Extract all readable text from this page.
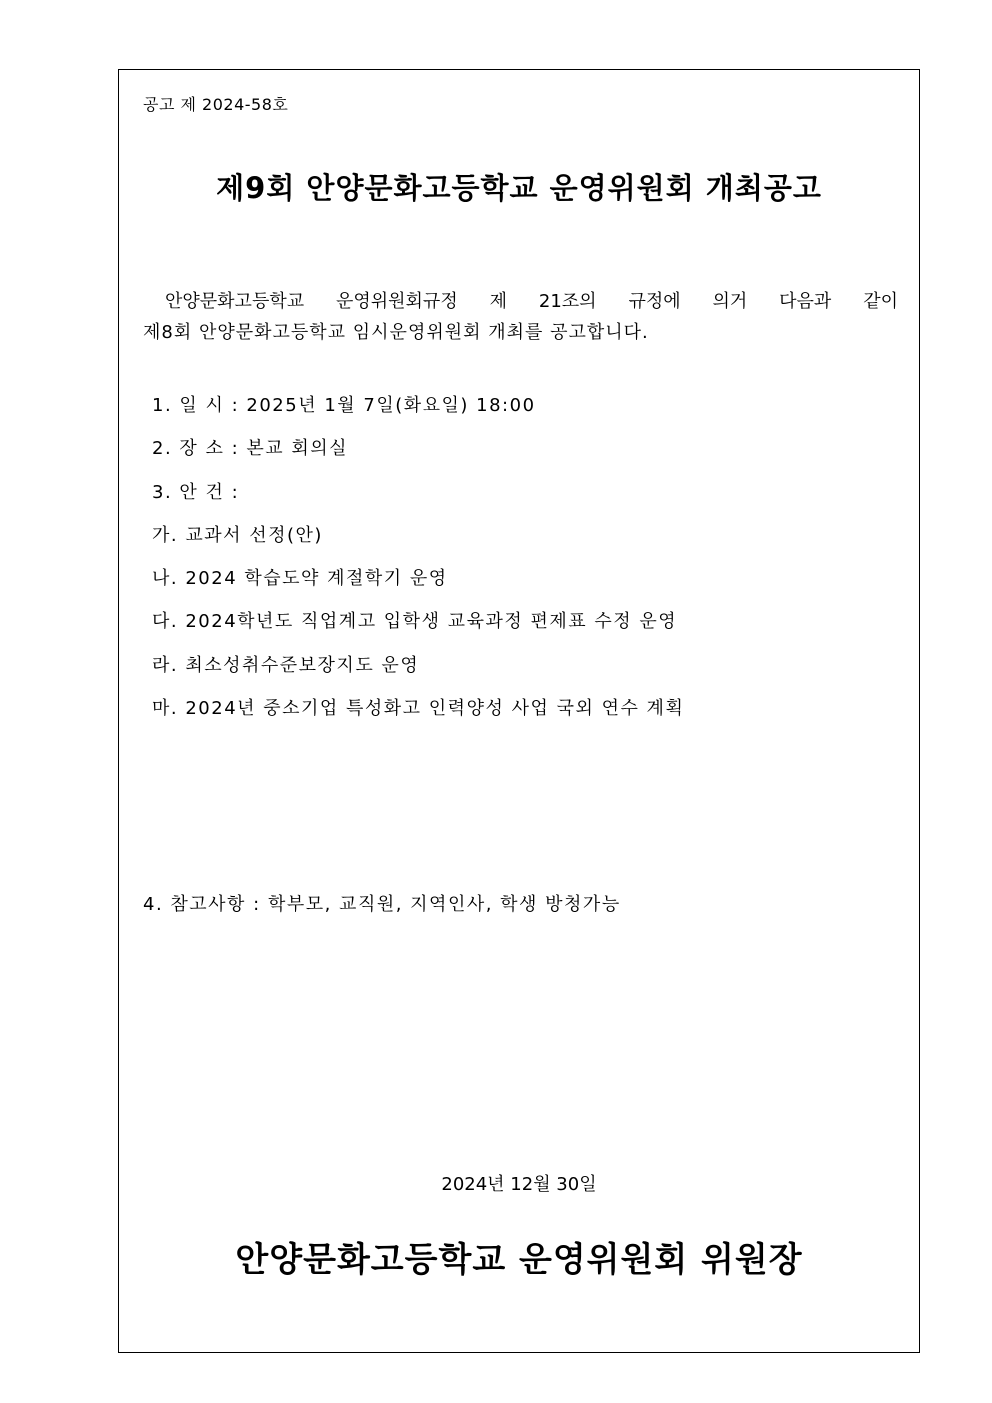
공고 제 2024-58호
제9회 안양문화고등학교 운영위원회 개최공고
안양문화고등학교 운영위원회규정 제 21조의 규정에 의거 다음과 같이
제8회 안양문화고등학교 임시운영위원회 개최를 공고합니다.
1. 일 시 : 2025년 1월 7일(화요일) 18:00
2. 장 소 : 본교 회의실
3. 안 건 :
가. 교과서 선정(안)
나. 2024 학습도약 계절학기 운영
다. 2024학년도 직업계고 입학생 교육과정 편제표 수정 운영
라. 최소성취수준보장지도 운영
마. 2024년 중소기업 특성화고 인력양성 사업 국외 연수 계획
4. 참고사항 : 학부모, 교직원, 지역인사, 학생 방청가능
2024년 12월 30일
안양문화고등학교 운영위원회 위원장
